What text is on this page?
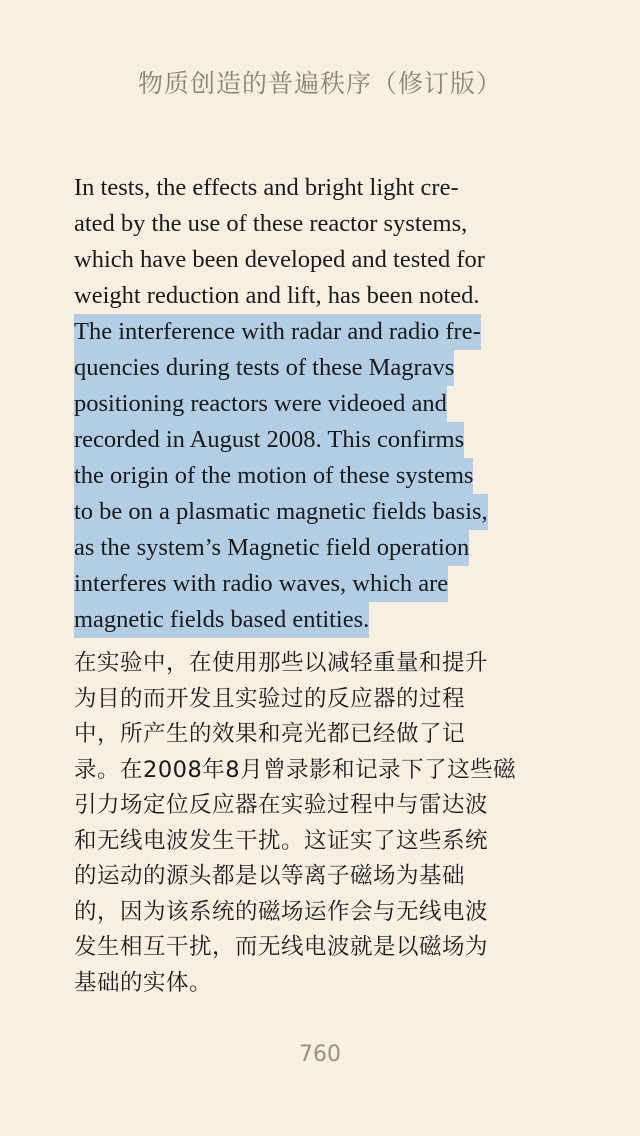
物质创造的普遍秩序（修订版）
In tests, the effects and bright light cre-
ated by the use of these reactor systems,
which have been developed and tested for
weight reduction and lift, has been noted.
The interference with radar and radio fre-
quencies during tests of these Magravs
positioning reactors were videoed and
recorded in August 2008. This confirms
the origin of the motion of these systems
to be on a plasmatic magnetic fields basis,
as the system’s Magnetic field operation
interferes with radio waves, which are
magnetic fields based entities.
在实验中，在使用那些以减轻重量和提升
为目的而开发且实验过的反应器的过程
中，所产生的效果和亮光都已经做了记
录。在2008年8月曾录影和记录下了这些磁
引力场定位反应器在实验过程中与雷达波
和无线电波发生干扰。这证实了这些系统
的运动的源头都是以等离子磁场为基础
的，因为该系统的磁场运作会与无线电波
发生相互干扰，而无线电波就是以磁场为
基础的实体。
760
